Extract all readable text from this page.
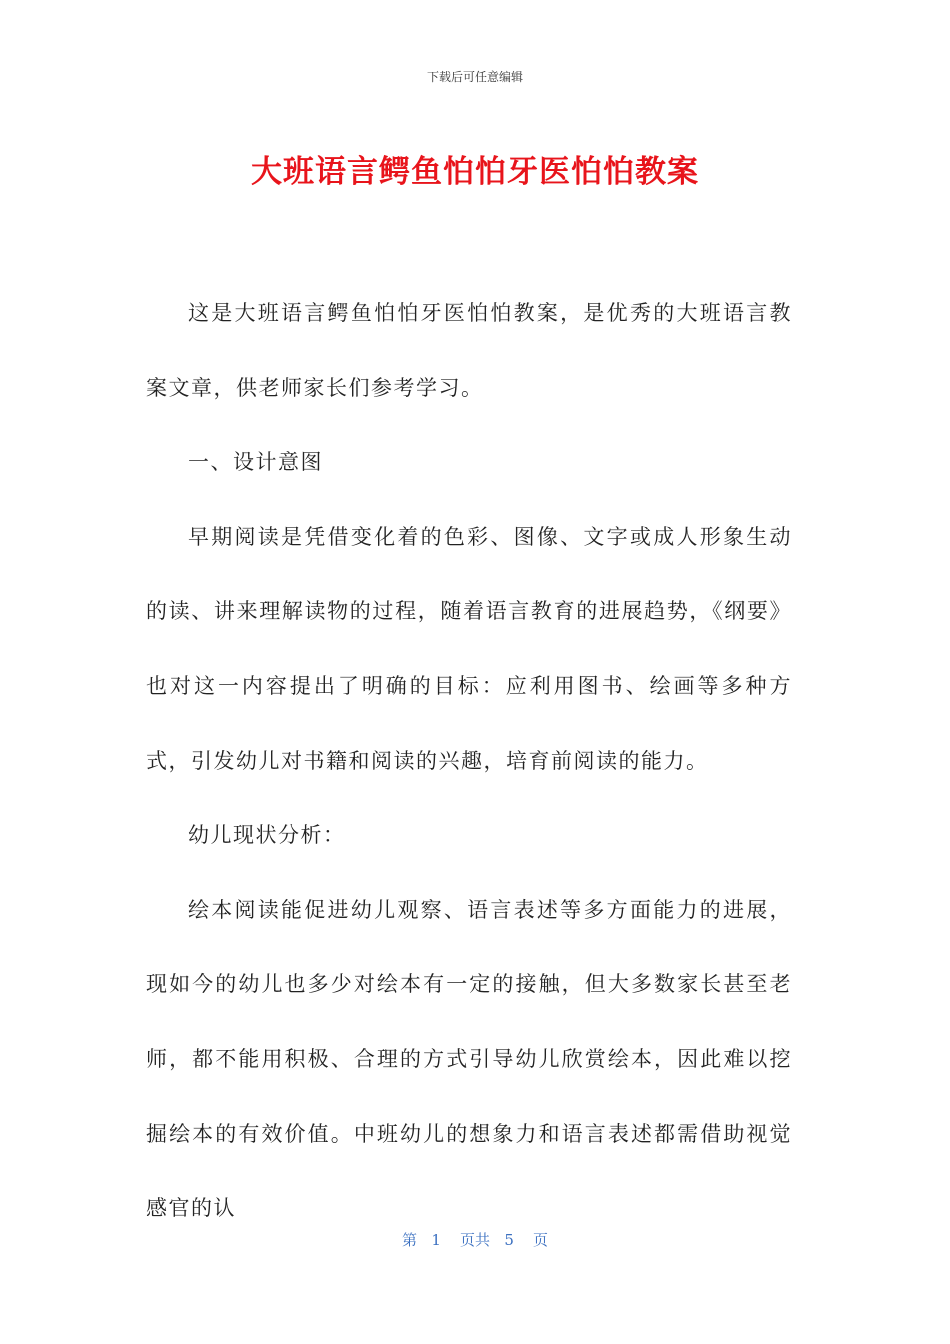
下载后可任意编辑
大班语言鳄鱼怕怕牙医怕怕教案

这是大班语言鳄鱼怕怕牙医怕怕教案，是优秀的大班语言教案文章，供老师家长们参考学习。

一、设计意图

早期阅读是凭借变化着的色彩、图像、文字或成人形象生动的读、讲来理解读物的过程，随着语言教育的进展趋势，《纲要》也对这一内容提出了明确的目标：应利用图书、绘画等多种方式，引发幼儿对书籍和阅读的兴趣，培育前阅读的能力。

幼儿现状分析：

绘本阅读能促进幼儿观察、语言表述等多方面能力的进展，现如今的幼儿也多少对绘本有一定的接触，但大多数家长甚至老师，都不能用积极、合理的方式引导幼儿欣赏绘本，因此难以挖掘绘本的有效价值。中班幼儿的想象力和语言表述都需借助视觉感官的认

第 1 页共 5 页
